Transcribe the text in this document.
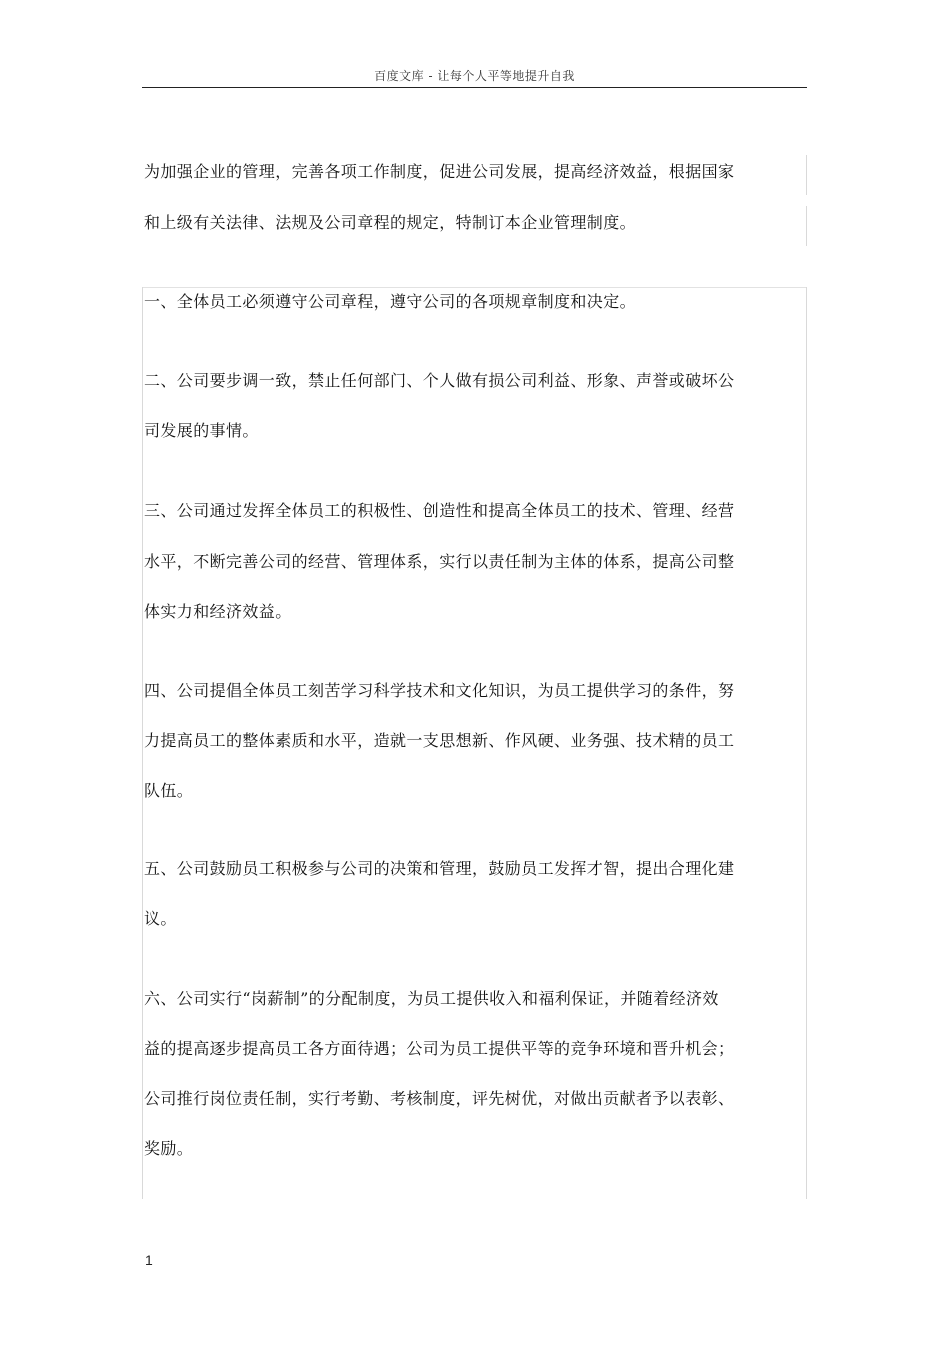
百度文库 - 让每个人平等地提升自我
为加强企业的管理，完善各项工作制度，促进公司发展，提高经济效益，根据国家
和上级有关法律、法规及公司章程的规定，特制订本企业管理制度。
一、全体员工必须遵守公司章程，遵守公司的各项规章制度和决定。
二、公司要步调一致，禁止任何部门、个人做有损公司利益、形象、声誉或破坏公
司发展的事情。
三、公司通过发挥全体员工的积极性、创造性和提高全体员工的技术、管理、经营
水平，不断完善公司的经营、管理体系，实行以责任制为主体的体系，提高公司整
体实力和经济效益。
四、公司提倡全体员工刻苦学习科学技术和文化知识，为员工提供学习的条件，努
力提高员工的整体素质和水平，造就一支思想新、作风硬、业务强、技术精的员工
队伍。
五、公司鼓励员工积极参与公司的决策和管理，鼓励员工发挥才智，提出合理化建
议。
六、公司实行“岗薪制”的分配制度，为员工提供收入和福利保证，并随着经济效
益的提高逐步提高员工各方面待遇；公司为员工提供平等的竞争环境和晋升机会；
公司推行岗位责任制，实行考勤、考核制度，评先树优，对做出贡献者予以表彰、
奖励。
1
